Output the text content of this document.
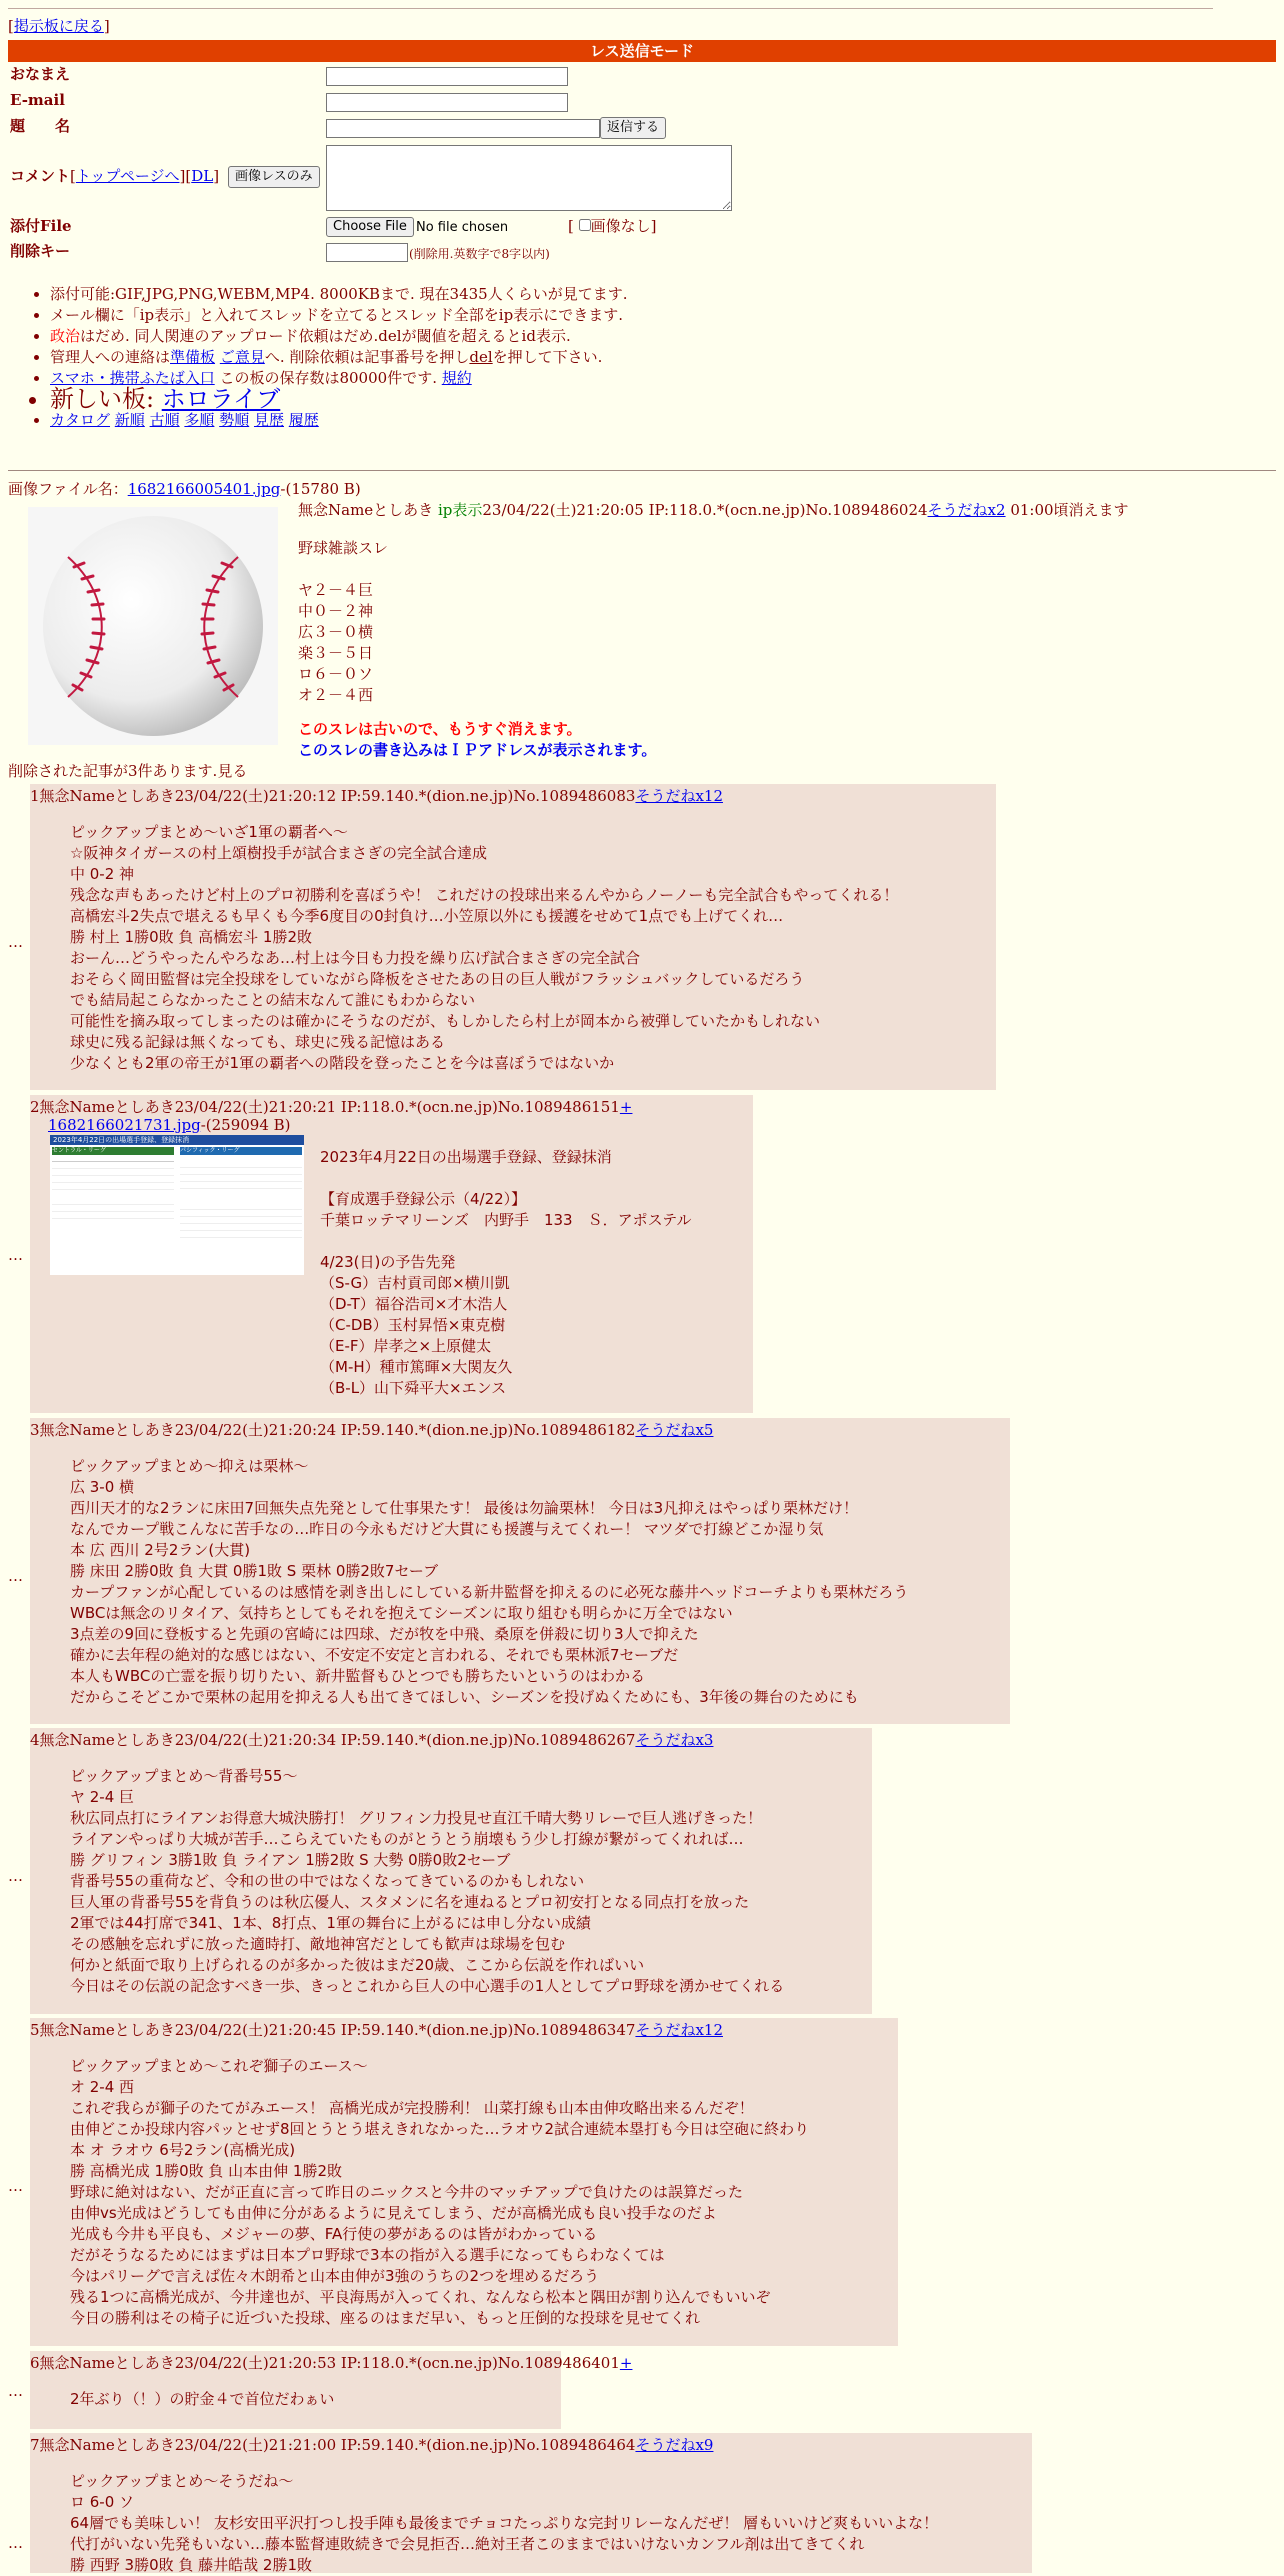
[掲示板に戻る]
レス送信モード
おなまえ
E-mail
題　　名	返信する
コメント[トップページへ][DL]	画像レスのみ
添付File	Choose File No file chosen	[ 画像なし]
削除キー	(削除用.英数字で8字以内)
• 添付可能:GIF,JPG,PNG,WEBM,MP4. 8000KBまで. 現在3435人くらいが見てます.
• メール欄に「ip表示」と入れてスレッドを立てるとスレッド全部をip表示にできます.
• 政治はだめ. 同人関連のアップロード依頼はだめ.delが閾値を超えるとid表示.
• 管理人への連絡は準備板 ご意見へ. 削除依頼は記事番号を押しdelを押して下さい.
• スマホ・携帯ふたば入口 この板の保存数は80000件です. 規約
• 新しい板: ホロライブ
• カタログ 新順 古順 多順 勢順 見歴 履歴
画像ファイル名：1682166005401.jpg-(15780 B)
無念Nameとしあき ip表示23/04/22(土)21:20:05 IP:118.0.*(ocn.ne.jp)No.1089486024そうだねx2 01:00頃消えます
野球雑談スレ
ヤ２－４巨
中０－２神
広３－０横
楽３－５日
ロ６－０ソ
オ２－４西
このスレは古いので、もうすぐ消えます。
このスレの書き込みはＩＰアドレスが表示されます。
削除された記事が3件あります.見る
…
1無念Nameとしあき23/04/22(土)21:20:12 IP:59.140.*(dion.ne.jp)No.1089486083そうだねx12
ピックアップまとめ～いざ1軍の覇者へ～
☆阪神タイガースの村上頌樹投手が試合まさぎの完全試合達成
中 0-2 神
残念な声もあったけど村上のプロ初勝利を喜ぼうや！ これだけの投球出来るんやからノーノーも完全試合もやってくれる！
高橋宏斗2失点で堪えるも早くも今季6度目の0封負け…小笠原以外にも援護をせめて1点でも上げてくれ…
勝 村上 1勝0敗 負 高橋宏斗 1勝2敗
おーん…どうやったんやろなあ…村上は今日も力投を繰り広げ試合まさぎの完全試合
おそらく岡田監督は完全投球をしていながら降板をさせたあの日の巨人戦がフラッシュバックしているだろう
でも結局起こらなかったことの結末なんて誰にもわからない
可能性を摘み取ってしまったのは確かにそうなのだが、もしかしたら村上が岡本から被弾していたかもしれない
球史に残る記録は無くなっても、球史に残る記憶はある
少なくとも2軍の帝王が1軍の覇者への階段を登ったことを今は喜ぼうではないか
…
2無念Nameとしあき23/04/22(土)21:20:21 IP:118.0.*(ocn.ne.jp)No.1089486151+
1682166021731.jpg-(259094 B)
2023年4月22日の出場選手登録、登録抹消
セントラル・リーグ	パシフィック・リーグ	2023年4月22日の出場選手登録、登録抹消
【育成選手登録公示（4/22）】
千葉ロッテマリーンズ　内野手　133　Ｓ．アポステル
4/23(日)の予告先発
（S-G）吉村貢司郎×横川凱
（D-T）福谷浩司×才木浩人
（C-DB）玉村昇悟×東克樹
（E-F）岸孝之×上原健太
（M-H）種市篤暉×大関友久
（B-L）山下舜平大×エンス
…
3無念Nameとしあき23/04/22(土)21:20:24 IP:59.140.*(dion.ne.jp)No.1089486182そうだねx5
ピックアップまとめ～抑えは栗林～
広 3-0 横
西川天才的な2ランに床田7回無失点先発として仕事果たす！ 最後は勿論栗林！ 今日は3凡抑えはやっぱり栗林だけ！
なんでカープ戦こんなに苦手なの…昨日の今永もだけど大貫にも援護与えてくれー！ マツダで打線どこか湿り気
本 広 西川 2号2ラン(大貫)
勝 床田 2勝0敗 負 大貫 0勝1敗 S 栗林 0勝2敗7セーブ
カープファンが心配しているのは感情を剥き出しにしている新井監督を抑えるのに必死な藤井ヘッドコーチよりも栗林だろう
WBCは無念のリタイア、気持ちとしてもそれを抱えてシーズンに取り組むも明らかに万全ではない
3点差の9回に登板すると先頭の宮崎には四球、だが牧を中飛、桑原を併殺に切り3人で抑えた
確かに去年程の絶対的な感じはない、不安定不安定と言われる、それでも栗林派7セーブだ
本人もWBCの亡霊を振り切りたい、新井監督もひとつでも勝ちたいというのはわかる
だからこそどこかで栗林の起用を抑える人も出てきてほしい、シーズンを投げぬくためにも、3年後の舞台のためにも
…
4無念Nameとしあき23/04/22(土)21:20:34 IP:59.140.*(dion.ne.jp)No.1089486267そうだねx3
ピックアップまとめ～背番号55～
ヤ 2-4 巨
秋広同点打にライアンお得意大城決勝打！ グリフィン力投見せ直江千晴大勢リレーで巨人逃げきった！
ライアンやっぱり大城が苦手…こらえていたものがとうとう崩壊もう少し打線が繋がってくれれば…
勝 グリフィン 3勝1敗 負 ライアン 1勝2敗 S 大勢 0勝0敗2セーブ
背番号55の重荷など、令和の世の中ではなくなってきているのかもしれない
巨人軍の背番号55を背負うのは秋広優人、スタメンに名を連ねるとプロ初安打となる同点打を放った
2軍では44打席で341、1本、8打点、1軍の舞台に上がるには申し分ない成績
その感触を忘れずに放った適時打、敵地神宮だとしても歓声は球場を包む
何かと紙面で取り上げられるのが多かった彼はまだ20歳、ここから伝説を作ればいい
今日はその伝説の記念すべき一歩、きっとこれから巨人の中心選手の1人としてプロ野球を湧かせてくれる
…
5無念Nameとしあき23/04/22(土)21:20:45 IP:59.140.*(dion.ne.jp)No.1089486347そうだねx12
ピックアップまとめ～これぞ獅子のエース～
オ 2-4 西
これぞ我らが獅子のたてがみエース！ 高橋光成が完投勝利！ 山菜打線も山本由伸攻略出来るんだぞ！
由伸どこか投球内容パッとせず8回とうとう堪えきれなかった…ラオウ2試合連続本塁打も今日は空砲に終わり
本 オ ラオウ 6号2ラン(高橋光成)
勝 高橋光成 1勝0敗 負 山本由伸 1勝2敗
野球に絶対はない、だが正直に言って昨日のニックスと今井のマッチアップで負けたのは誤算だった
由伸vs光成はどうしても由伸に分があるように見えてしまう、だが高橋光成も良い投手なのだよ
光成も今井も平良も、メジャーの夢、FA行使の夢があるのは皆がわかっている
だがそうなるためにはまずは日本プロ野球で3本の指が入る選手になってもらわなくては
今はパリーグで言えば佐々木朗希と山本由伸が3強のうちの2つを埋めるだろう
残る1つに高橋光成が、今井達也が、平良海馬が入ってくれ、なんなら松本と隅田が割り込んでもいいぞ
今日の勝利はその椅子に近づいた投球、座るのはまだ早い、もっと圧倒的な投球を見せてくれ
…
6無念Nameとしあき23/04/22(土)21:20:53 IP:118.0.*(ocn.ne.jp)No.1089486401+
2年ぶり（！）の貯金４で首位だわぁい
…
7無念Nameとしあき23/04/22(土)21:21:00 IP:59.140.*(dion.ne.jp)No.1089486464そうだねx9
ピックアップまとめ～そうだね～
ロ 6-0 ソ
64層でも美味しい！ 友杉安田平沢打つし投手陣も最後までチョコたっぷりな完封リレーなんだぜ！ 層もいいけど爽もいいよな！
代打がいない先発もいない…藤本監督連敗続きで会見拒否…絶対王者このままではいけないカンフル剤は出てきてくれ
勝 西野 3勝0敗 負 藤井皓哉 2勝1敗
